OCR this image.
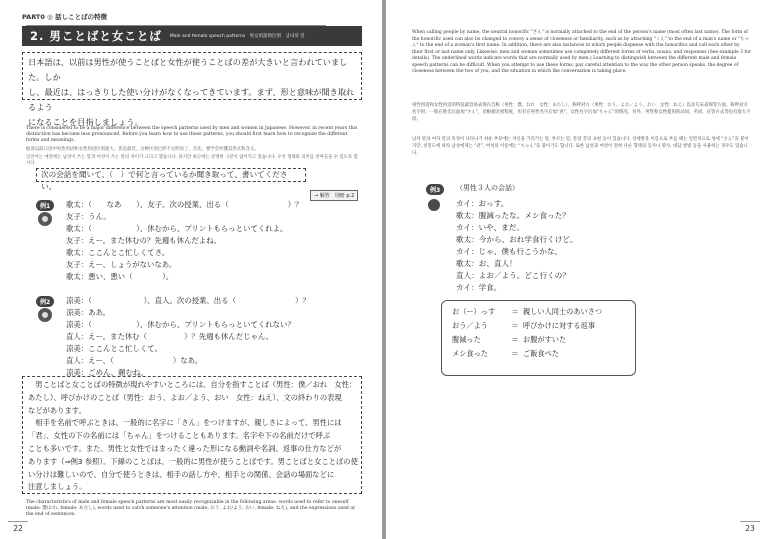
PART0 ◎ 話しことばの特徴
2. 男ことばと女ことば Male and female speech patterns　男女用語的区別　남녀의 말
日本語は、以前は男性が使うことばと女性が使うことばの差が大きいと言われていました。しか
し、最近は、はっきりした使い分けがなくなってきています。まず、形と意味が聞き取れるよう
になることを目指しましょう。
There is considered to be a major difference between the speech patterns used by men and women in Japanese. However, in recent years this distinction has become less pronounced. Before you learn how to use these patterns, you should first learn how to recognize the different forms and meanings.
据说以前日语中男性用语和女性用语区别很大。但是最近，这种区别已经不太明显了。首先，要学会听懂其形式和含义。
일본어는 예전에는 남성이 쓰는 말과 여성이 쓰는 말의 차이가 크다고 했습니다. 하지만 최근에는 분명한 구분이 없어지고 있습니다. 우선 형태와 의미를 알아들을 수 있도록 합시다.
次の会話を聞いて、（　）で何と言っているか聞き取って、書いてください。
→ 解答　別冊 p.2
例1	歌太：（　　なあ　　）、友子。次の授業、出る（　　　　　　　　）？
友子：うん。
歌太：（　　　　　　）、休むから、プリントもらっといてくれよ。
友子：えー。また休むの？先週も休んだよね。
歌太：ここんとこ忙しくてさ。
友子：えー、しょうがないなあ。
歌太：悪い、悪い（　　　　）。
例2	涼美：（　　　　　　　）、直人。次の授業、出る（　　　　　　　　）？
涼美：ああ。
涼美：（　　　　　　）、休むから、プリントもらっといてくれない？
直人：えー。また休む（　　　　　）？先週も休んだじゃん。
涼美：ここんとこ忙しくて。
直人：えー、（　　　　　　　　）なあ。
涼美：ごめん、頼むね。
　男ことばと女ことばの特徴が現れやすいところには、自分を指すことば（男性：僕／おれ　女性：
あたし）、呼びかけのことば（男性：おう、よお／よう、おい　女性：ねえ）、文の終わりの表現
などがあります。
　相手を名前で呼ぶときは、一般的に名字に「さん」をつけますが、親しさによって、男性には
「君」、女性の下の名前には「ちゃん」をつけることもあります。名字や下の名前だけで呼ぶ
ことも多いです。また、男性と女性ではまったく違った形になる動詞や名詞、返事の仕方などが
あります（⇒例3 参照）。下線のことばは、一般的に男性が使うことばです。男ことばと女ことばの使
い分けは難しいので、自分で使うときは、相手の話し方や、相手との関係、会話の場面などに
注意しましょう。
The characteristics of male and female speech patterns are most easily recognizable in the following areas: words used to refer to oneself (male: 僕/おれ, female: あたし), words used to catch someone's attention (male: おう, よお/よう, おい, female: ねえ), and the expressions used at the end of sentences.
22
When calling people by name, the neutral honorific "さん" is normally attached to the end of the person's name (most often last name). The form of the honorific used can also be changed to convey a sense of closeness or familiarity, such as by attaching "くん" to the end of a man's name or "ちゃん" to the end of a woman's first name. In addition, there are also instances in which people dispense with the honorifics and call each other by their first or last name only. Likewise, men and women sometimes use completely different forms of verbs, nouns, and responses (See example 3 for details). The underlined words indicate words that are normally used by men.) Learning to distinguish between the different male and female speech patterns can be difficult. When you attempt to use these forms, pay careful attention to the way the other person speaks, the degree of closeness between the two of you, and the situation in which the conversation is taking place.
男性用语和女性用语的特征最容易表现在自称（男性：僕、おれ　女性：あたし）、称呼对方（男性：おう、よお／よう、おい　女性：ねえ）以及句末表现等方面。称呼对方名字时，一般在姓氏后面加“さん”，但根据亲密程度，也有在男性名字后加“君”，女性名字后加“ちゃん”的情况。另外，男性和女性使用的动词、名词、应答方式等也有很大不同。
남자 말과 여자 말의 특징이 나타나기 쉬운 부분에는 자신을 가리키는 말, 부르는 말, 문장 끝의 표현 등이 있습니다. 상대방을 이름으로 부를 때는 일반적으로 성에 “さん”을 붙이지만, 친밀도에 따라 남성에게는 “君”, 여성의 이름에는 “ちゃん”을 붙이기도 합니다. 또한 남성과 여성이 전혀 다른 형태의 동사나 명사, 대답 방법 등을 사용하는 경우도 있습니다.
例3	（男性３人の会話）
カイ：おっす。
歌太：腹減ったな。メシ食った？
カイ：いや、まだ。
歌太：今から、おれ学食行くけど。
カイ：じゃ、僕も行こうかな。
歌太：お、直人！
直人：よお／よう。どこ行くの？
カイ：学食。
お（ー）っす	＝ 親しい人同士のあいさつ
おう／よう	＝ 呼びかけに対する返事
腹減った	＝ お腹がすいた
メシ食った	＝ ご飯食べた
23
